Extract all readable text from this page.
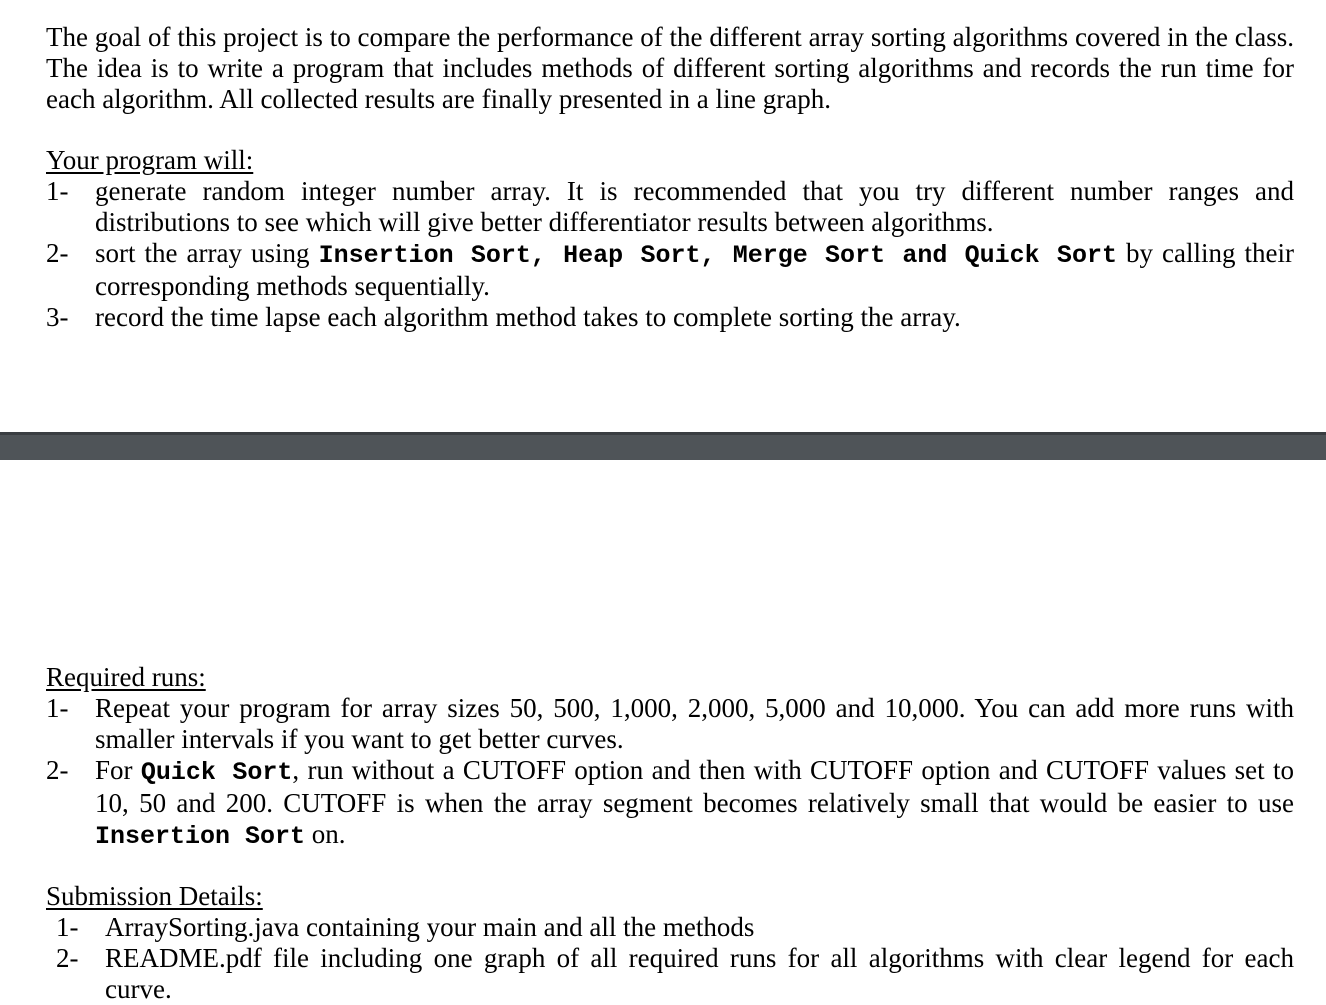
The goal of this project is to compare the performance of the different array sorting algorithms covered in the class. The idea is to write a program that includes methods of different sorting algorithms and records the run time for each algorithm. All collected results are finally presented in a line graph.
Your program will:
1- generate random integer number array. It is recommended that you try different number ranges and distributions to see which will give better differentiator results between algorithms.
2- sort the array using Insertion Sort, Heap Sort, Merge Sort and Quick Sort by calling their corresponding methods sequentially.
3- record the time lapse each algorithm method takes to complete sorting the array.
Required runs:
1- Repeat your program for array sizes 50, 500, 1,000, 2,000, 5,000 and 10,000. You can add more runs with smaller intervals if you want to get better curves.
2- For Quick Sort, run without a CUTOFF option and then with CUTOFF option and CUTOFF values set to 10, 50 and 200. CUTOFF is when the array segment becomes relatively small that would be easier to use Insertion Sort on.
Submission Details:
1- ArraySorting.java containing your main and all the methods
2- README.pdf file including one graph of all required runs for all algorithms with clear legend for each curve.
